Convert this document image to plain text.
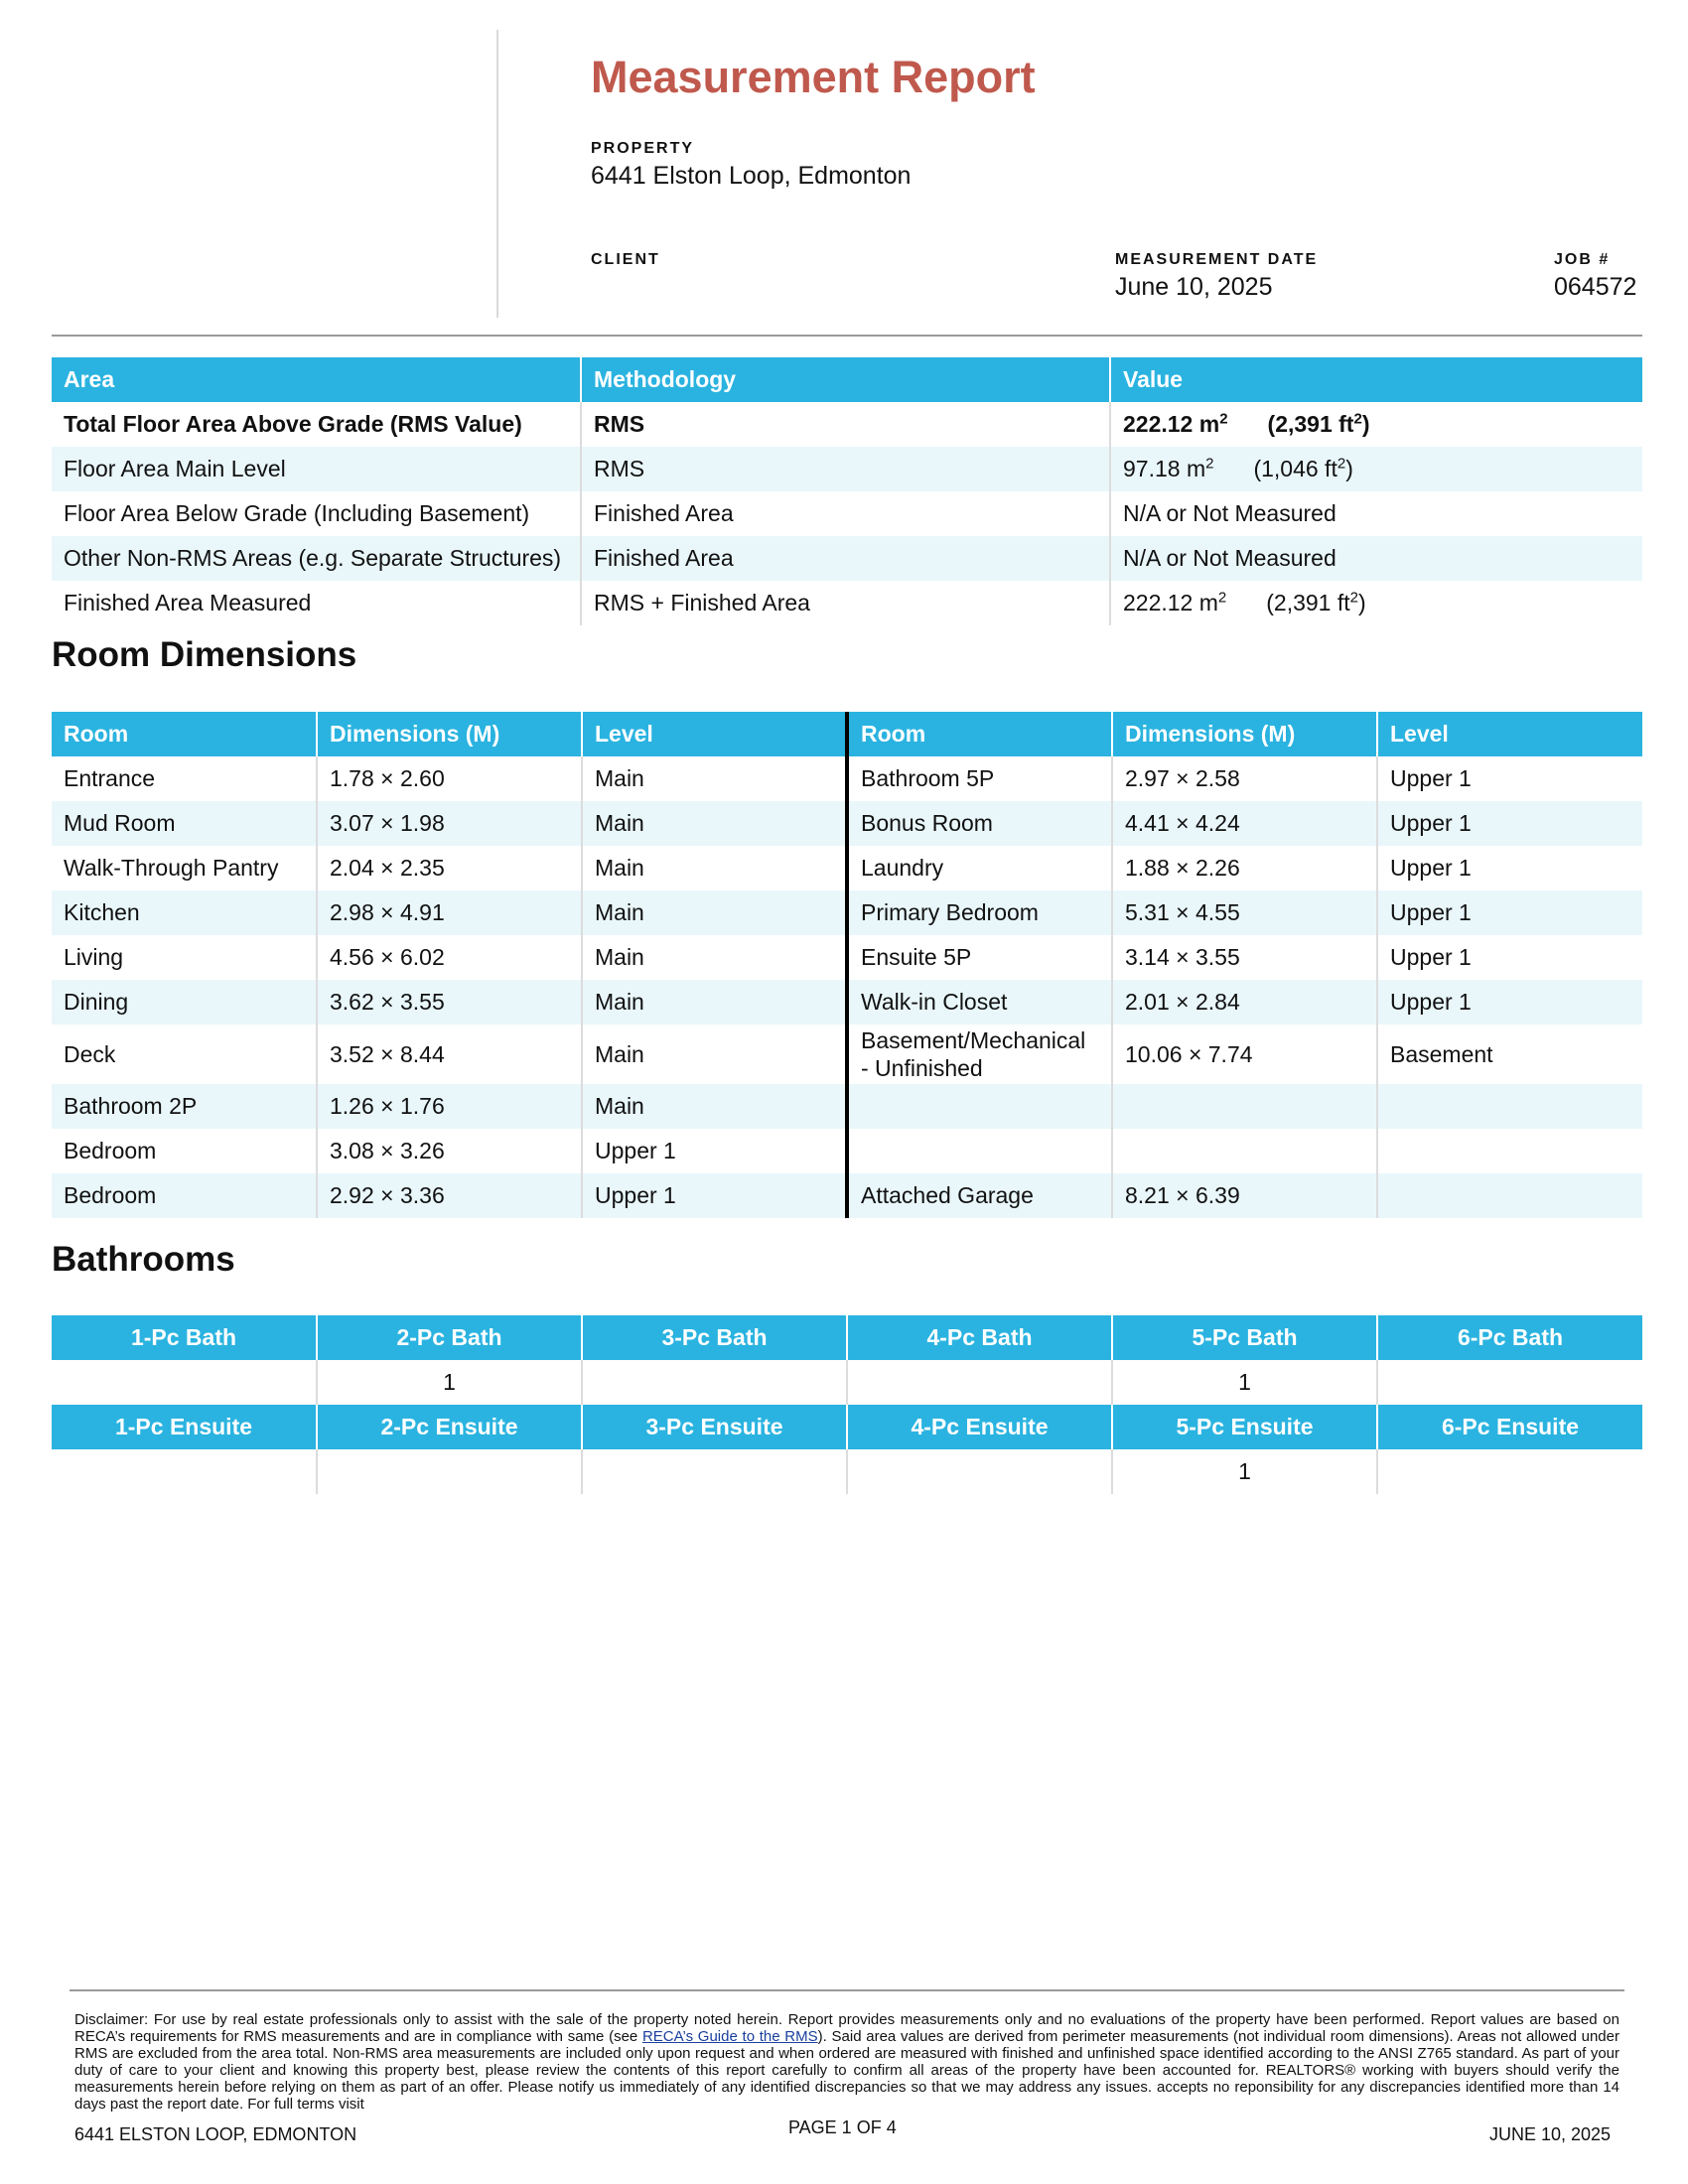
Measurement Report
PROPERTY
6441 Elston Loop, Edmonton
CLIENT	MEASUREMENT DATE
June 10, 2025
JOB #
064572
Area	Methodology	Value
Total Floor Area Above Grade (RMS Value)	RMS	222.12 $m^2$ (2,391 $ft^2$)
Floor Area Main Level	RMS	97.18 $m^2$ (1,046 $ft^2$)
Floor Area Below Grade (Including Basement)	Finished Area	N/A or Not Measured
Other Non-RMS Areas (e.g. Separate Structures)	Finished Area	N/A or Not Measured
Finished Area Measured	RMS + Finished Area	222.12 $m^2$ (2,391 $ft^2$)
Room Dimensions
Room	Dimensions (M)	Level	Room	Dimensions (M)	Level
Entrance	1.78 × 2.60	Main	Bathroom 5P	2.97 × 2.58	Upper 1
Mud Room	3.07 × 1.98	Main	Bonus Room	4.41 × 4.24	Upper 1
Walk-Through Pantry	2.04 × 2.35	Main	Laundry	1.88 × 2.26	Upper 1
Kitchen	2.98 × 4.91	Main	Primary Bedroom	5.31 × 4.55	Upper 1
Living	4.56 × 6.02	Main	Ensuite 5P	3.14 × 3.55	Upper 1
Dining	3.62 × 3.55	Main	Walk-in Closet	2.01 × 2.84	Upper 1
Deck	3.52 × 8.44	Main	Basement/Mechanical - Unfinished	10.06 × 7.74	Basement
Bathroom 2P	1.26 × 1.76	Main			
Bedroom	3.08 × 3.26	Upper 1			
Bedroom	2.92 × 3.36	Upper 1	Attached Garage	8.21 × 6.39	
Bathrooms
1-Pc Bath	2-Pc Bath	3-Pc Bath	4-Pc Bath	5-Pc Bath	6-Pc Bath
	1			1	
1-Pc Ensuite	2-Pc Ensuite	3-Pc Ensuite	4-Pc Ensuite	5-Pc Ensuite	6-Pc Ensuite
				1	
Disclaimer: For use by real estate professionals only to assist with the sale of the property noted herein. Report provides measurements only and no evaluations of the property have been performed. Report values are based on RECA’s requirements for RMS measurements and are in compliance with same (see RECA’s Guide to the RMS). Said area values are derived from perimeter measurements (not individual room dimensions). Areas not allowed under RMS are excluded from the area total. Non-RMS area measurements are included only upon request and when ordered are measured with finished and unfinished space identified according to the ANSI Z765 standard. As part of your duty of care to your client and knowing this property best, please review the contents of this report carefully to confirm all areas of the property have been accounted for. REALTORS® working with buyers should verify the measurements herein before relying on them as part of an offer. Please notify us immediately of any identified discrepancies so that we may address any issues. accepts no reponsibility for any discrepancies identified more than 14 days past the report date. For full terms visit
6441 ELSTON LOOP, EDMONTON	PAGE 1 OF 4	JUNE 10, 2025
